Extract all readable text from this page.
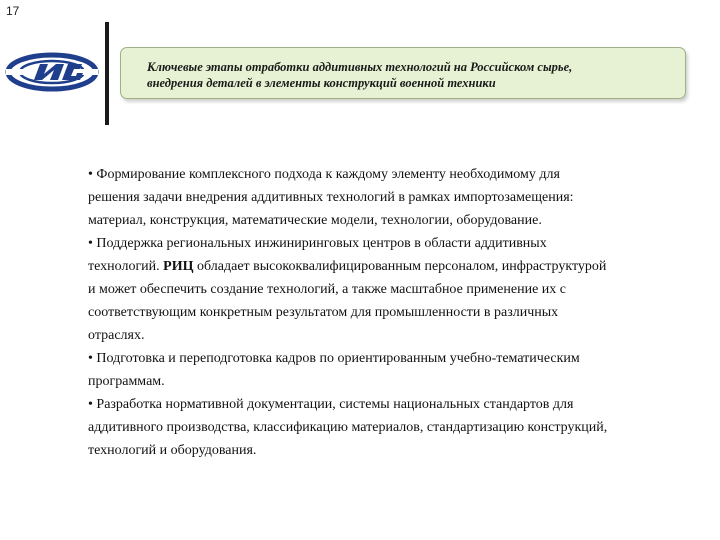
17
Ключевые этапы отработки аддитивных технологий на Российском сырье,
внедрения деталей в элементы конструкций военной техники
• Формирование комплексного подхода к каждому элементу необходимому для
решения задачи внедрения аддитивных технологий в рамках импортозамещения:
материал, конструкция, математические модели, технологии, оборудование.
• Поддержка региональных инжиниринговых центров в области аддитивных
технологий. РИЦ обладает высококвалифицированным персоналом, инфраструктурой
и может обеспечить создание технологий, а также масштабное применение их с
соответствующим конкретным результатом для промышленности в различных
отраслях.
• Подготовка и переподготовка кадров по ориентированным учебно-тематическим
программам.
• Разработка нормативной документации, системы национальных стандартов для
аддитивного производства, классификацию материалов, стандартизацию конструкций,
технологий и оборудования.
